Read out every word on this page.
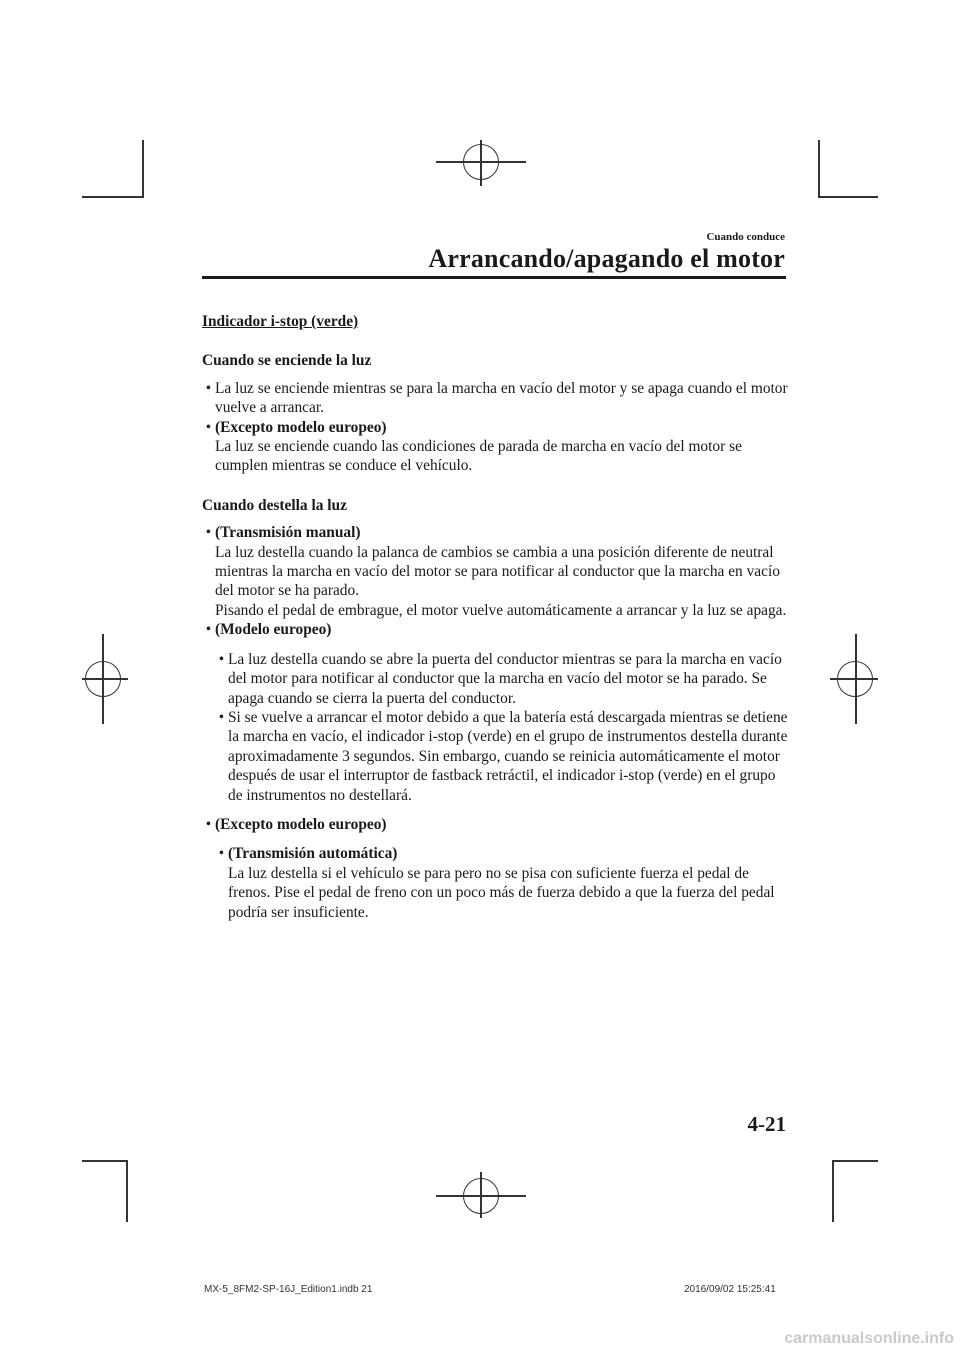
Cuando conduce
Arrancando/apagando el motor
Indicador i-stop (verde)
Cuando se enciende la luz
• La luz se enciende mientras se para la marcha en vacío del motor y se apaga cuando el motor vuelve a arrancar.
• (Excepto modelo europeo)
La luz se enciende cuando las condiciones de parada de marcha en vacío del motor se cumplen mientras se conduce el vehículo.
Cuando destella la luz
• (Transmisión manual)
La luz destella cuando la palanca de cambios se cambia a una posición diferente de neutral mientras la marcha en vacío del motor se para notificar al conductor que la marcha en vacío del motor se ha parado.
Pisando el pedal de embrague, el motor vuelve automáticamente a arrancar y la luz se apaga.
• (Modelo europeo)
• La luz destella cuando se abre la puerta del conductor mientras se para la marcha en vacío del motor para notificar al conductor que la marcha en vacío del motor se ha parado. Se apaga cuando se cierra la puerta del conductor.
• Si se vuelve a arrancar el motor debido a que la batería está descargada mientras se detiene la marcha en vacío, el indicador i-stop (verde) en el grupo de instrumentos destella durante aproximadamente 3 segundos. Sin embargo, cuando se reinicia automáticamente el motor después de usar el interruptor de fastback retráctil, el indicador i-stop (verde) en el grupo de instrumentos no destellará.
• (Excepto modelo europeo)
• (Transmisión automática)
La luz destella si el vehículo se para pero no se pisa con suficiente fuerza el pedal de frenos. Pise el pedal de freno con un poco más de fuerza debido a que la fuerza del pedal podría ser insuficiente.
4-21
MX-5_8FM2-SP-16J_Edition1.indb 21	2016/09/02 15:25:41
carmanualsonline.info
